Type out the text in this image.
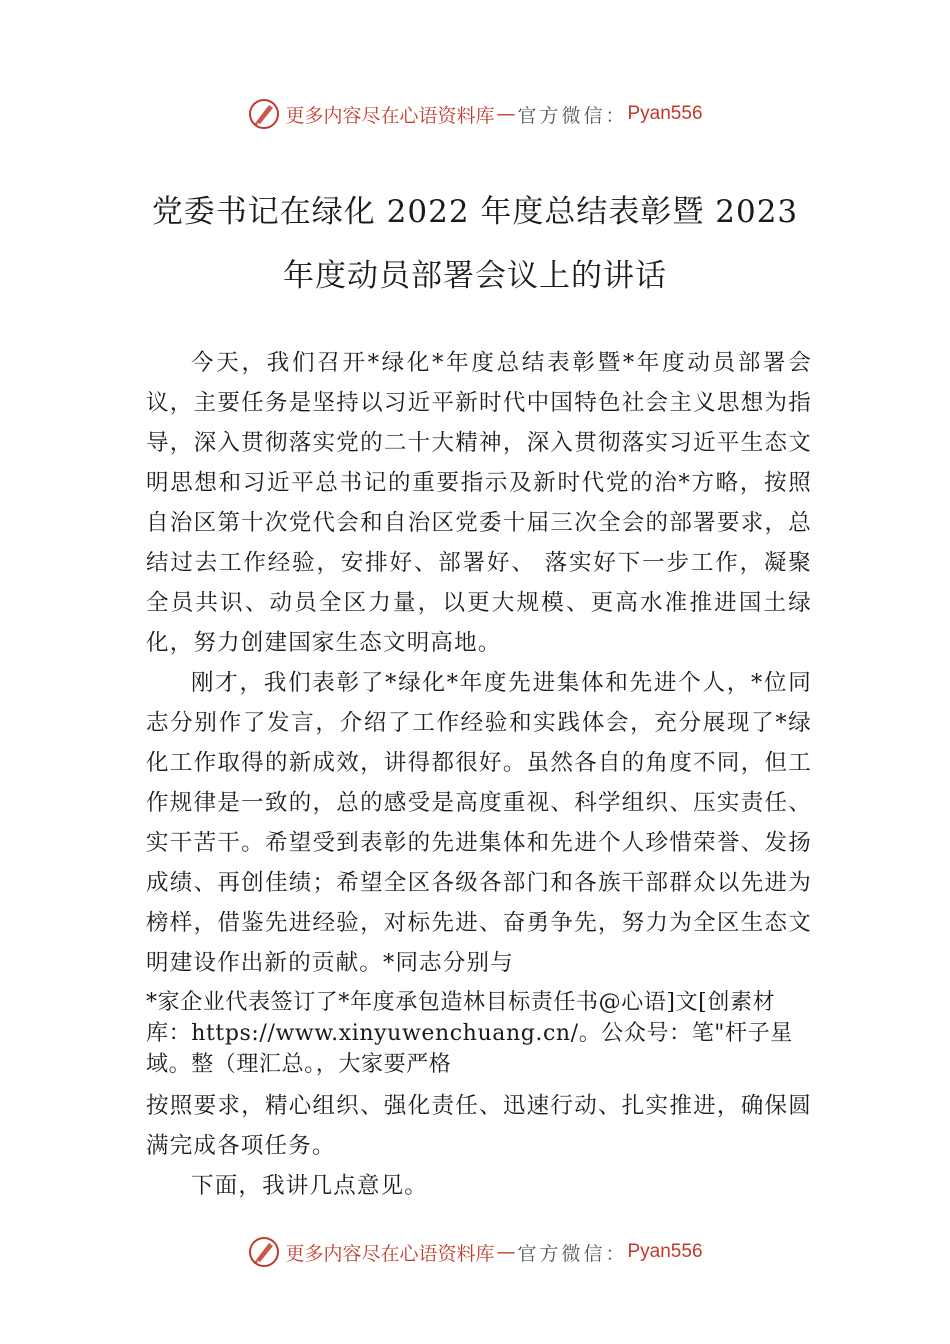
更多内容尽在心语资料库 — 官方微信： Pyan556
党委书记在绿化 2022 年度总结表彰暨 2023
年度动员部署会议上的讲话

今天，我们召开*绿化*年度总结表彰暨*年度动员部署会议，主要任务是坚持以习近平新时代中国特色社会主义思想为指导，深入贯彻落实党的二十大精神，深入贯彻落实习近平生态文明思想和习近平总书记的重要指示及新时代党的治*方略，按照自治区第十次党代会和自治区党委十届三次全会的部署要求，总结过去工作经验，安排好、部署好、 落实好下一步工作，凝聚全员共识、动员全区力量，以更大规模、更高水准推进国土绿化，努力创建国家生态文明高地。

刚才，我们表彰了*绿化*年度先进集体和先进个人，*位同志分别作了发言，介绍了工作经验和实践体会，充分展现了*绿化工作取得的新成效，讲得都很好。虽然各自的角度不同，但工作规律是一致的，总的感受是高度重视、科学组织、压实责任、实干苦干。希望受到表彰的先进集体和先进个人珍惜荣誉、发扬成绩、再创佳绩；希望全区各级各部门和各族干部群众以先进为榜样，借鉴先进经验，对标先进、奋勇争先，努力为全区生态文明建设作出新的贡献。*同志分别与

*家企业代表签订了*年度承包造林目标责任书@心语]文[创素材库：https://www.xinyuwenchuang.cn/。公众号：笔"杆子星域。整（理汇总。，大家要严格

按照要求，精心组织、强化责任、迅速行动、扎实推进，确保圆满完成各项任务。

下面，我讲几点意见。

更多内容尽在心语资料库 — 官方微信： Pyan556
